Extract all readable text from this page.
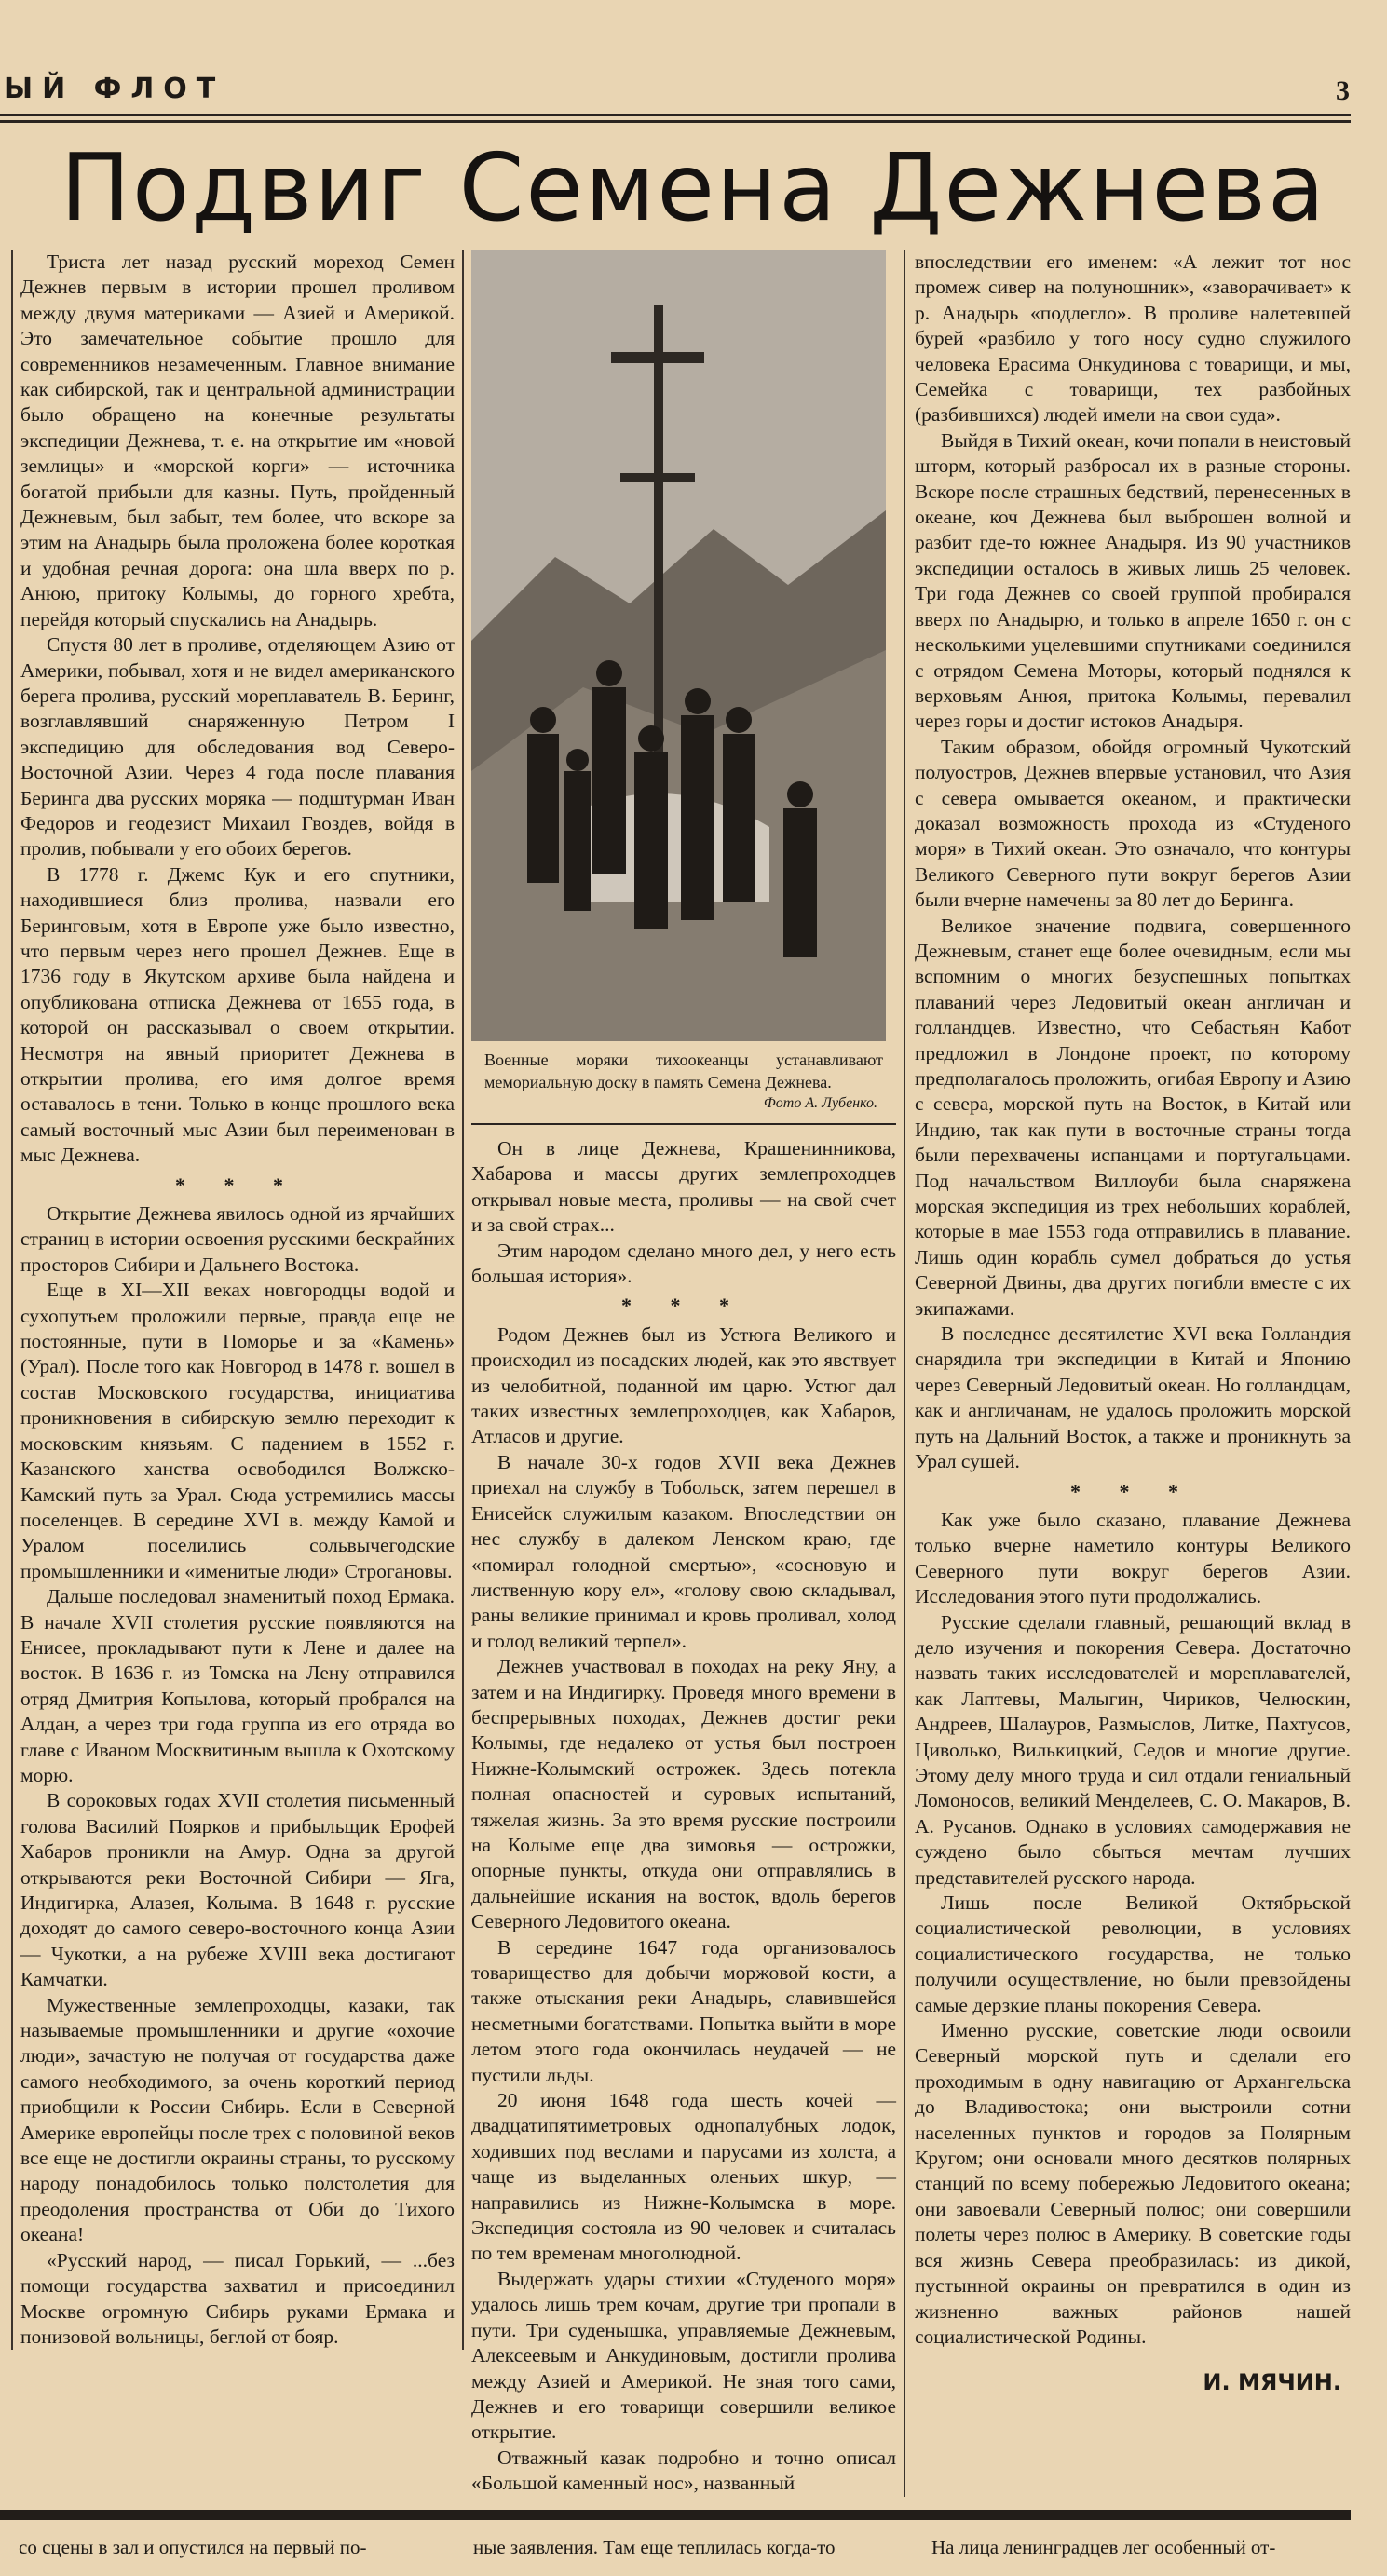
ЫЙ ФЛОТ	3
Подвиг Семена Дежнева

Триста лет назад русский мореход Семен Дежнев первым в истории прошел проливом между двумя материками — Азией и Америкой. Это замечательное событие прошло для современников незамеченным. Главное внимание как сибирской, так и центральной администрации было обращено на конечные результаты экспедиции Дежнева, т. е. на открытие им «новой землицы» и «морской корги» — источника богатой прибыли для казны. Путь, пройденный Дежневым, был забыт, тем более, что вскоре за этим на Анадырь была проложена более короткая и удобная речная дорога: она шла вверх по р. Анюю, притоку Колымы, до горного хребта, перейдя который спускались на Анадырь.

Спустя 80 лет в проливе, отделяющем Азию от Америки, побывал, хотя и не видел американского берега пролива, русский мореплаватель В. Беринг, возглавлявший снаряженную Петром I экспедицию для обследования вод Северо-Восточной Азии. Через 4 года после плавания Беринга два русских моряка — подштурман Иван Федоров и геодезист Михаил Гвоздев, войдя в пролив, побывали у его обоих берегов.

В 1778 г. Джемс Кук и его спутники, находившиеся близ пролива, назвали его Беринговым, хотя в Европе уже было известно, что первым через него прошел Дежнев. Еще в 1736 году в Якутском архиве была найдена и опубликована отписка Дежнева от 1655 года, в которой он рассказывал о своем открытии. Несмотря на явный приоритет Дежнева в открытии пролива, его имя долгое время оставалось в тени. Только в конце прошлого века самый восточный мыс Азии был переименован в мыс Дежнева.

* * *

Открытие Дежнева явилось одной из ярчайших страниц в истории освоения русскими бескрайних просторов Сибири и Дальнего Востока.

Еще в XI—XII веках новгородцы водой и сухопутьем проложили первые, правда еще не постоянные, пути в Поморье и за «Камень» (Урал). После того как Новгород в 1478 г. вошел в состав Московского государства, инициатива проникновения в сибирскую землю переходит к московским князьям. С падением в 1552 г. Казанского ханства освободился Волжско-Камский путь за Урал. Сюда устремились массы поселенцев. В середине XVI в. между Камой и Уралом поселились сольвычегодские промышленники и «именитые люди» Строгановы.

Дальше последовал знаменитый поход Ермака. В начале XVII столетия русские появляются на Енисее, прокладывают пути к Лене и далее на восток. В 1636 г. из Томска на Лену отправился отряд Дмитрия Копылова, который пробрался на Алдан, а через три года группа из его отряда во главе с Иваном Москвитиным вышла к Охотскому морю.

В сороковых годах XVII столетия письменный голова Василий Поярков и прибыльщик Ерофей Хабаров проникли на Амур. Одна за другой открываются реки Восточной Сибири — Яга, Индигирка, Алазея, Колыма. В 1648 г. русские доходят до самого северо-восточного конца Азии — Чукотки, а на рубеже XVIII века достигают Камчатки.

Мужественные землепроходцы, казаки, так называемые промышленники и другие «охочие люди», зачастую не получая от государства даже самого необходимого, за очень короткий период приобщили к России Сибирь. Если в Северной Америке европейцы после трех с половиной веков все еще не достигли окраины страны, то русскому народу понадобилось только полстолетия для преодоления пространства от Оби до Тихого океана!

«Русский народ, — писал Горький, — ...без помощи государства захватил и присоединил Москве огромную Сибирь руками Ермака и понизовой вольницы, беглой от бояр.

Военные моряки тихоокеанцы устанавливают мемориальную доску в память Семена Дежнева.
Фото А. Лубенко.

Он в лице Дежнева, Крашенинникова, Хабарова и массы других землепроходцев открывал новые места, проливы — на свой счет и за свой страх...

Этим народом сделано много дел, у него есть большая история».

* * *

Родом Дежнев был из Устюга Великого и происходил из посадских людей, как это явствует из челобитной, поданной им царю. Устюг дал таких известных землепроходцев, как Хабаров, Атласов и другие.

В начале 30-х годов XVII века Дежнев приехал на службу в Тобольск, затем перешел в Енисейск служилым казаком. Впоследствии он нес службу в далеком Ленском краю, где «помирал голодной смертью», «сосновую и лиственную кору ел», «голову свою складывал, раны великие принимал и кровь проливал, холод и голод великий терпел».

Дежнев участвовал в походах на реку Яну, а затем и на Индигирку. Проведя много времени в беспрерывных походах, Дежнев достиг реки Колымы, где недалеко от устья был построен Нижне-Колымский острожек. Здесь потекла полная опасностей и суровых испытаний, тяжелая жизнь. За это время русские построили на Колыме еще два зимовья — острожки, опорные пункты, откуда они отправлялись в дальнейшие искания на восток, вдоль берегов Северного Ледовитого океана.

В середине 1647 года организовалось товарищество для добычи моржовой кости, а также отыскания реки Анадырь, славившейся несметными богатствами. Попытка выйти в море летом этого года окончилась неудачей — не пустили льды.

20 июня 1648 года шесть кочей — двадцатипятиметровых однопалубных лодок, ходивших под веслами и парусами из холста, а чаще из выделанных оленьих шкур, — направились из Нижне-Колымска в море. Экспедиция состояла из 90 человек и считалась по тем временам многолюдной.

Выдержать удары стихии «Студеного моря» удалось лишь трем кочам, другие три пропали в пути. Три суденышка, управляемые Дежневым, Алексеевым и Анкудиновым, достигли пролива между Азией и Америкой. Не зная того сами, Дежнев и его товарищи совершили великое открытие.

Отважный казак подробно и точно описал «Большой каменный нос», названный

впоследствии его именем: «А лежит тот нос промеж сивер на полуношник», «заворачивает» к р. Анадырь «подлегло». В проливе налетевшей бурей «разбило у того носу судно служилого человека Ерасима Онкудинова с товарищи, и мы, Семейка с товарищи, тех разбойных (разбившихся) людей имели на свои суда».

Выйдя в Тихий океан, кочи попали в неистовый шторм, который разбросал их в разные стороны. Вскоре после страшных бедствий, перенесенных в океане, коч Дежнева был выброшен волной и разбит где-то южнее Анадыря. Из 90 участников экспедиции осталось в живых лишь 25 человек. Три года Дежнев со своей группой пробирался вверх по Анадырю, и только в апреле 1650 г. он с несколькими уцелевшими спутниками соединился с отрядом Семена Моторы, который поднялся к верховьям Анюя, притока Колымы, перевалил через горы и достиг истоков Анадыря.

Таким образом, обойдя огромный Чукотский полуостров, Дежнев впервые установил, что Азия с севера омывается океаном, и практически доказал возможность прохода из «Студеного моря» в Тихий океан. Это означало, что контуры Великого Северного пути вокруг берегов Азии были вчерне намечены за 80 лет до Беринга.

Великое значение подвига, совершенного Дежневым, станет еще более очевидным, если мы вспомним о многих безуспешных попытках плаваний через Ледовитый океан англичан и голландцев. Известно, что Себастьян Кабот предложил в Лондоне проект, по которому предполагалось проложить, огибая Европу и Азию с севера, морской путь на Восток, в Китай или Индию, так как пути в восточные страны тогда были перехвачены испанцами и португальцами. Под начальством Виллоуби была снаряжена морская экспедиция из трех небольших кораблей, которые в мае 1553 года отправились в плавание. Лишь один корабль сумел добраться до устья Северной Двины, два других погибли вместе с их экипажами.

В последнее десятилетие XVI века Голландия снарядила три экспедиции в Китай и Японию через Северный Ледовитый океан. Но голландцам, как и англичанам, не удалось проложить морской путь на Дальний Восток, а также и проникнуть за Урал сушей.

* * *

Как уже было сказано, плавание Дежнева только вчерне наметило контуры Великого Северного пути вокруг берегов Азии. Исследования этого пути продолжались.

Русские сделали главный, решающий вклад в дело изучения и покорения Севера. Достаточно назвать таких исследователей и мореплавателей, как Лаптевы, Малыгин, Чириков, Челюскин, Андреев, Шалауров, Размыслов, Литке, Пахтусов, Циволько, Вилькицкий, Седов и многие другие. Этому делу много труда и сил отдали гениальный Ломоносов, великий Менделеев, С. О. Макаров, В. А. Русанов. Однако в условиях самодержавия не суждено было сбыться мечтам лучших представителей русского народа.

Лишь после Великой Октябрьской социалистической революции, в условиях социалистического государства, не только получили осуществление, но были превзойдены самые дерзкие планы покорения Севера.

Именно русские, советские люди освоили Северный морской путь и сделали его проходимым в одну навигацию от Архангельска до Владивостока; они выстроили сотни населенных пунктов и городов за Полярным Кругом; они основали много десятков полярных станций по всему побережью Ледовитого океана; они завоевали Северный полюс; они совершили полеты через полюс в Америку. В советские годы вся жизнь Севера преобразилась: из дикой, пустынной окраины он превратился в один из жизненно важных районов нашей социалистической Родины.

И. МЯЧИН.
со сцены в зал и опустился на первый по-	ные заявления. Там еще теплилась когда-то	На лица ленинградцев лег особенный от-
